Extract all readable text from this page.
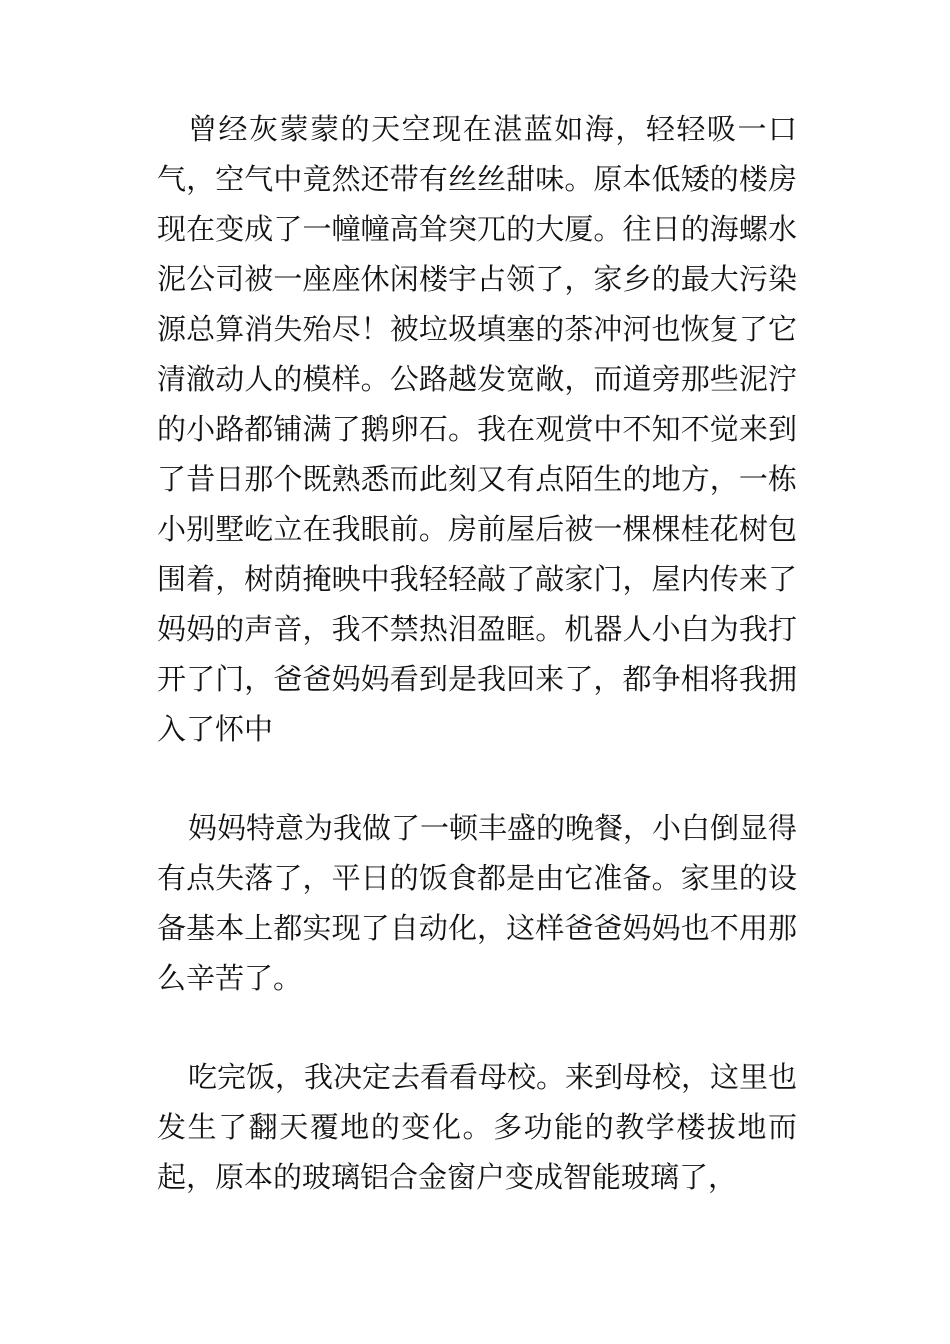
曾经灰蒙蒙的天空现在湛蓝如海，轻轻吸一口气，空气中竟然还带有丝丝甜味。原本低矮的楼房现在变成了一幢幢高耸突兀的大厦。往日的海螺水泥公司被一座座休闲楼宇占领了，家乡的最大污染源总算消失殆尽！被垃圾填塞的茶冲河也恢复了它清澈动人的模样。公路越发宽敞，而道旁那些泥泞的小路都铺满了鹅卵石。我在观赏中不知不觉来到了昔日那个既熟悉而此刻又有点陌生的地方，一栋小别墅屹立在我眼前。房前屋后被一棵棵桂花树包围着，树荫掩映中我轻轻敲了敲家门，屋内传来了妈妈的声音，我不禁热泪盈眶。机器人小白为我打开了门，爸爸妈妈看到是我回来了，都争相将我拥入了怀中

妈妈特意为我做了一顿丰盛的晚餐，小白倒显得有点失落了，平日的饭食都是由它准备。家里的设备基本上都实现了自动化，这样爸爸妈妈也不用那么辛苦了。

吃完饭，我决定去看看母校。来到母校，这里也发生了翻天覆地的变化。多功能的教学楼拔地而起，原本的玻璃铝合金窗户变成智能玻璃了，
